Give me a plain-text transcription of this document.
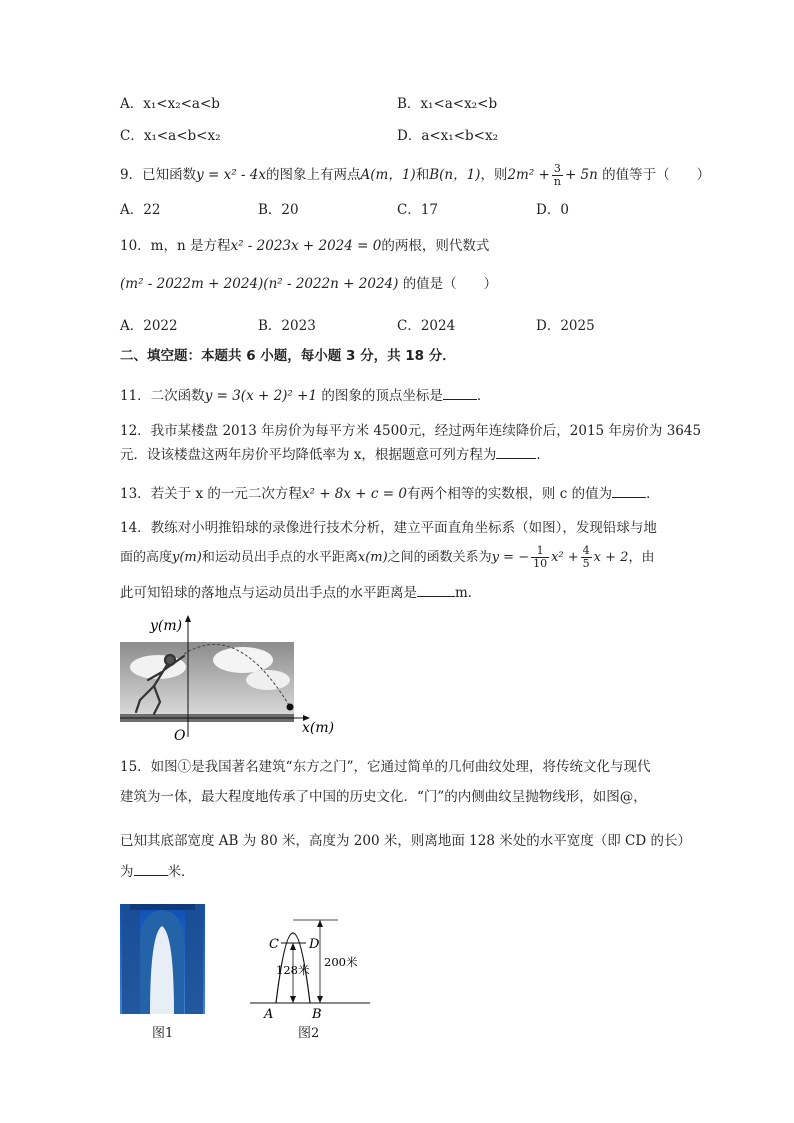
A．x₁<x₂<a<b	B．x₁<a<x₂<b
C．x₁<a<b<x₂	D．a<x₁<b<x₂
9．已知函数y = x² - 4x的图象上有两点A(m，1)和B(n，1)，则$2m^2 + \frac{3}{n} + 5n$ 的值等于（　　）
A．22	B．20	C．17	D．0
10．m，n 是方程x² - 2023x + 2024 = 0的两根，则代数式
(m² - 2022m + 2024)(n² - 2022n + 2024) 的值是（　　）
A．2022	B．2023	C．2024	D．2025
二、填空题：本题共 6 小题，每小题 3 分，共 18 分．
11．二次函数y = 3(x + 2)² +1 的图象的顶点坐标是	．
12．我市某楼盘 2013 年房价为每平方米 4500元，经过两年连续降价后，2015 年房价为 3645
元．设该楼盘这两年房价平均降低率为 x，根据题意可列方程为	．
13．若关于 x 的一元二次方程x² + 8x + c = 0有两个相等的实数根，则 c 的值为	．
14．教练对小明推铅球的录像进行技术分析，建立平面直角坐标系（如图），发现铅球与地
面的高度y(m)和运动员出手点的水平距离x(m)之间的函数关系为y = − $\frac{1}{10} x^2 + \frac{4}{5}$ x + 2，由
此可知铅球的落地点与运动员出手点的水平距离是	m．
y(m)
x(m)
O
15．如图①是我国著名建筑“东方之门”，它通过简单的几何曲纹处理，将传统文化与现代
建筑为一体，最大程度地传承了中国的历史文化．“门”的内侧曲纹呈抛物线形，如图@，
已知其底部宽度 AB 为 80 米，高度为 200 米，则离地面 128 米处的水平宽度（即 CD 的长）
为	米．
图1
C D
A	B
128米
200米
图2
